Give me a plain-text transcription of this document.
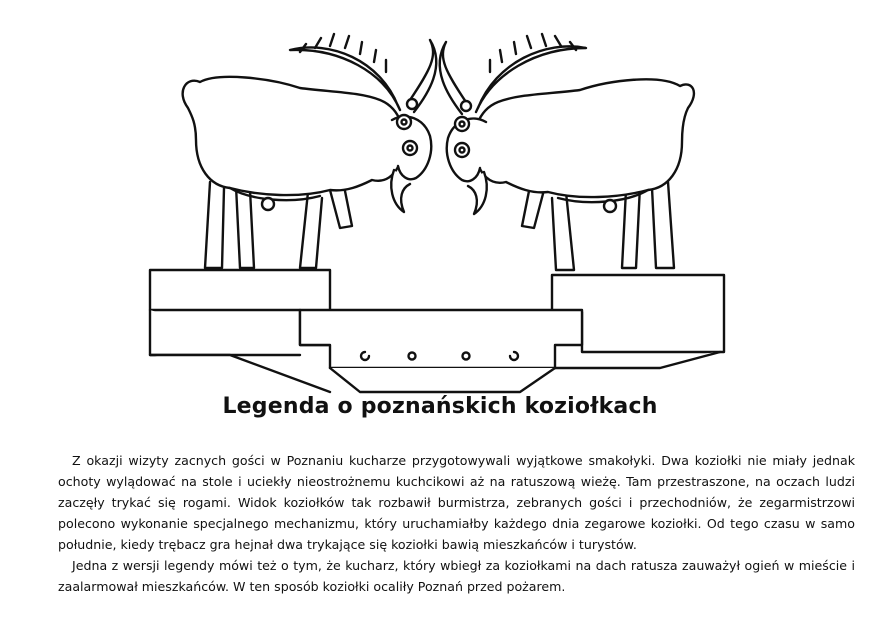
Legenda o poznańskich koziołkach

Z okazji wizyty zacnych gości w Poznaniu kucharze przygotowywali wyjątkowe smakołyki. Dwa koziołki nie miały jednak ochoty wylądować na stole i uciekły nieostrożnemu kuchcikowi aż na ratuszową wieżę. Tam przestraszone, na oczach ludzi zaczęły trykać się rogami. Widok koziołków tak rozbawił burmistrza, zebranych gości i przechodniów, że zegarmistrzowi polecono wykonanie specjalnego mechanizmu, który uruchamiałby każdego dnia zegarowe koziołki. Od tego czasu w samo południe, kiedy trębacz gra hejnał dwa trykające się koziołki bawią mieszkańców i turystów.

Jedna z wersji legendy mówi też o tym, że kucharz, który wbiegł za koziołkami na dach ratusza zauważył ogień w mieście i zaalarmował mieszkańców. W ten sposób koziołki ocaliły Poznań przed pożarem.
